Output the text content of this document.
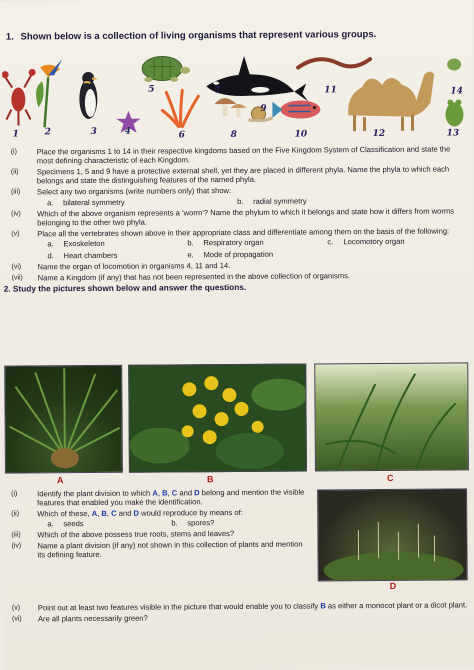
1. Shown below is a collection of living organisms that represent various groups.
1	2	3	4
5
6
7
8
9
10
11
12	13
14
(i)	Place the organisms 1 to 14 in their respective kingdoms based on the Five Kingdom System of Classification and state the most defining characteristic of each Kingdom.
(ii) Specimens 1, 5 and 9 have a protective external shell, yet they are placed in different phyla. Name the phyla to which each belongs and state the distinguishing features of the named phyla.
(iii) Select any two organisms (write numbers only) that show:
a.	bilateral symmetry	b.	radial symmetry
(iv) Which of the above organism represents a ‘worm’? Name the phylum to which it belongs and state how it differs from worms belonging to the other two phyla.
(v) Place all the vertebrates shown above in their appropriate class and differentiate among them on the basis of the following:
a.	Exoskeleton	b.	Respiratory organ	c.	Locomotory organ
d.	Heart chambers	e.	Mode of propagation
(vi) Name the organ of locomotion in organisms 4, 11 and 14.
(vii) Name a Kingdom (if any) that has not been represented in the above collection of organisms.
2. Study the pictures shown below and answer the questions.
A	B	C
D
(i)	Identify the plant division to which A, B, C and D belong and mention the visible features that enabled you make the identification.
(ii) Which of these, A, B, C and D would reproduce by means of:
a.	seeds	b.	spores?
(iii) Which of the above possess true roots, stems and leaves?
(iv) Name a plant division (if any) not shown in this collection of plants and mention its defining feature.
(v) Point out at least two features visible in the picture that would enable you to classify B as either a monocot plant or a dicot plant.
(vi) Are all plants necessarily green?
